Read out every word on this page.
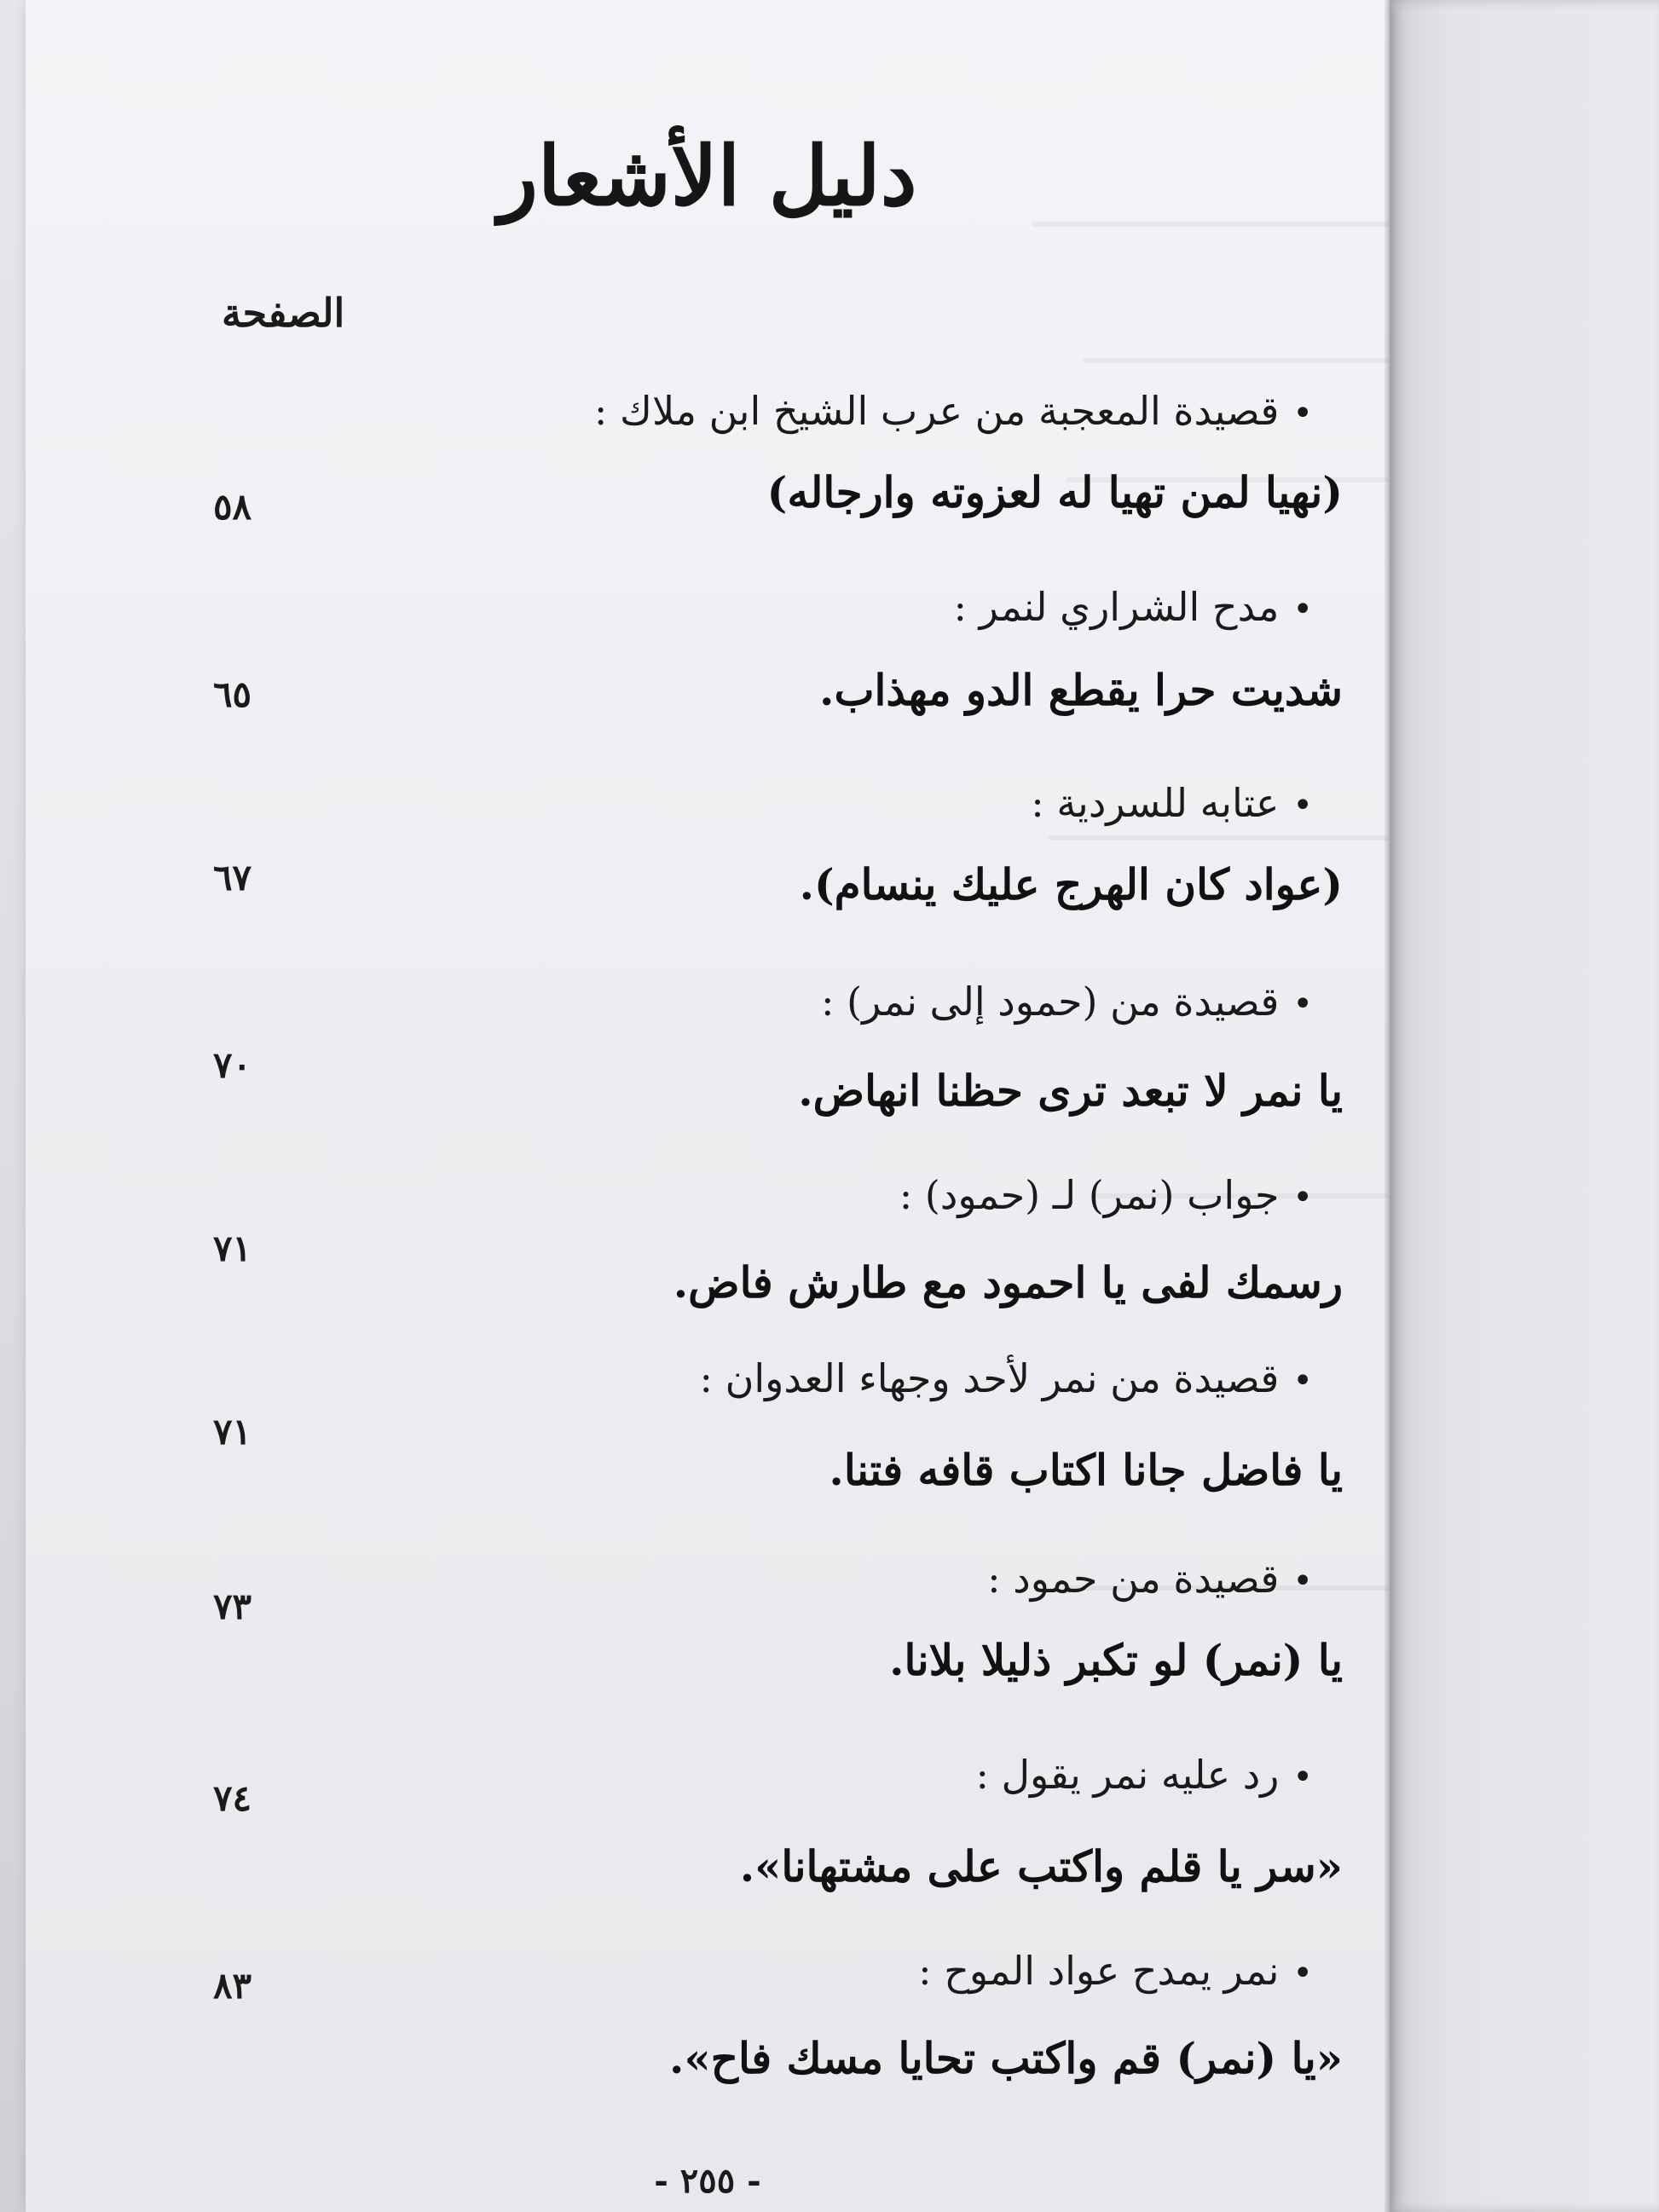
دليل الأشعار
الصفحة
•قصيدة المعجبة من عرب الشيخ ابن ملاك :
(نهيا لمن تهيا له لعزوته وارجاله)
٥٨
•مدح الشراري لنمر :
شديت حرا يقطع الدو مهذاب.
٦٥
•عتابه للسردية :
(عواد كان الهرج عليك ينسام).
٦٧
•قصيدة من (حمود إلى نمر) :
يا نمر لا تبعد ترى حظنا انهاض.
٧٠
•جواب (نمر) لـ (حمود) :
رسمك لفى يا احمود مع طارش فاض.
٧١
•قصيدة من نمر لأحد وجهاء العدوان :
يا فاضل جانا اكتاب قافه فتنا.
٧١
•قصيدة من حمود :
يا (نمر) لو تكبر ذليلا بلانا.
٧٣
•رد عليه نمر يقول :
«سر يا قلم واكتب على مشتهانا».
٧٤
•نمر يمدح عواد الموح :
«يا (نمر) قم واكتب تحايا مسك فاح».
٨٣
- ٢٥٥ -
